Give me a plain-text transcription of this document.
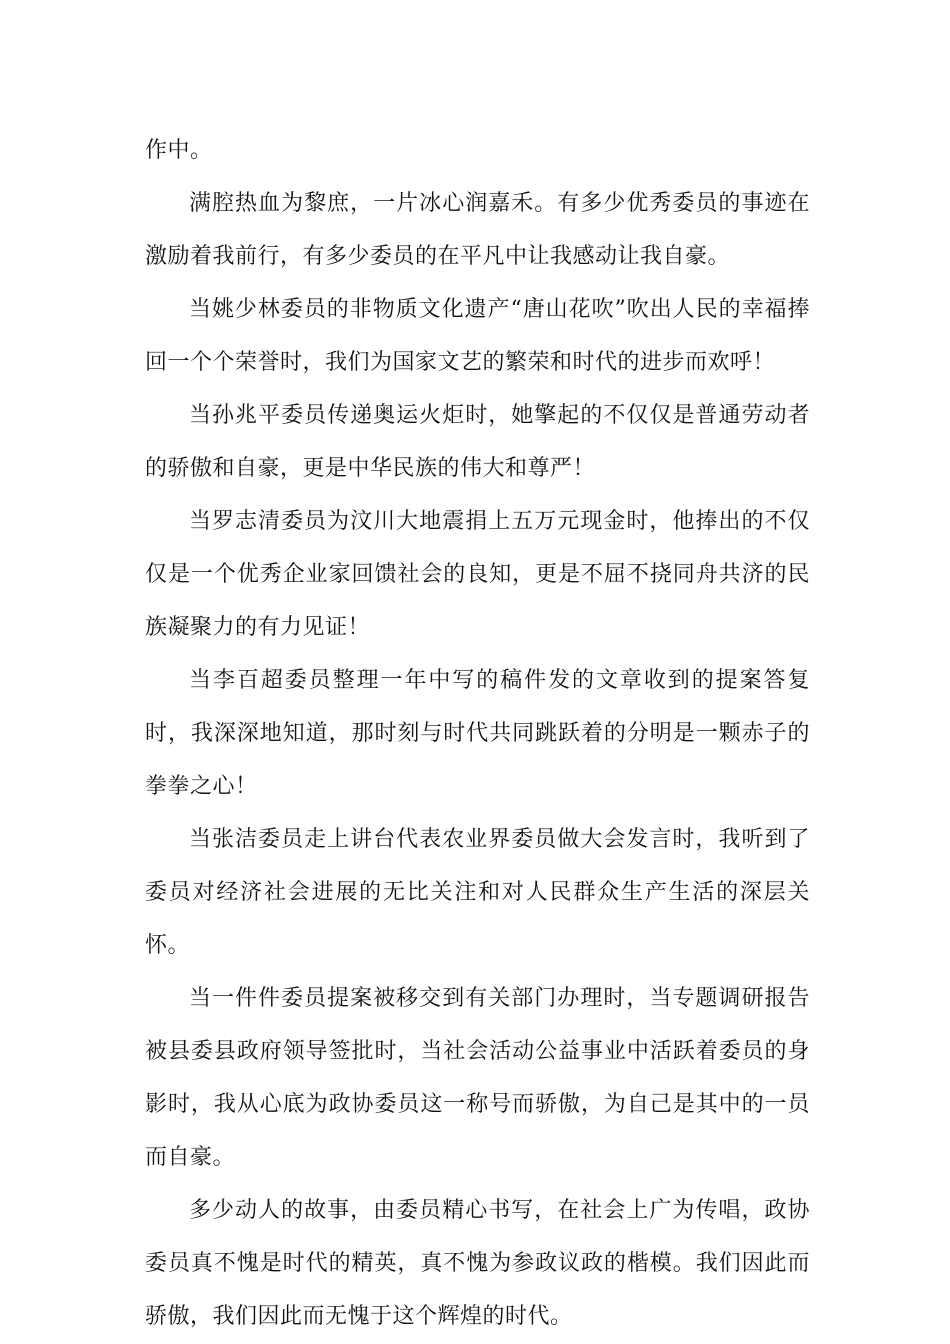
作中。

满腔热血为黎庶，一片冰心润嘉禾。有多少优秀委员的事迹在激励着我前行，有多少委员的在平凡中让我感动让我自豪。

当姚少林委员的非物质文化遗产“唐山花吹”吹出人民的幸福捧回一个个荣誉时，我们为国家文艺的繁荣和时代的进步而欢呼！

当孙兆平委员传递奥运火炬时，她擎起的不仅仅是普通劳动者的骄傲和自豪，更是中华民族的伟大和尊严！

当罗志清委员为汶川大地震捐上五万元现金时，他捧出的不仅仅是一个优秀企业家回馈社会的良知，更是不屈不挠同舟共济的民族凝聚力的有力见证！

当李百超委员整理一年中写的稿件发的文章收到的提案答复时，我深深地知道，那时刻与时代共同跳跃着的分明是一颗赤子的拳拳之心！

当张洁委员走上讲台代表农业界委员做大会发言时，我听到了委员对经济社会进展的无比关注和对人民群众生产生活的深层关怀。

当一件件委员提案被移交到有关部门办理时，当专题调研报告被县委县政府领导签批时，当社会活动公益事业中活跃着委员的身影时，我从心底为政协委员这一称号而骄傲，为自己是其中的一员而自豪。

多少动人的故事，由委员精心书写，在社会上广为传唱，政协委员真不愧是时代的精英，真不愧为参政议政的楷模。我们因此而骄傲，我们因此而无愧于这个辉煌的时代。
